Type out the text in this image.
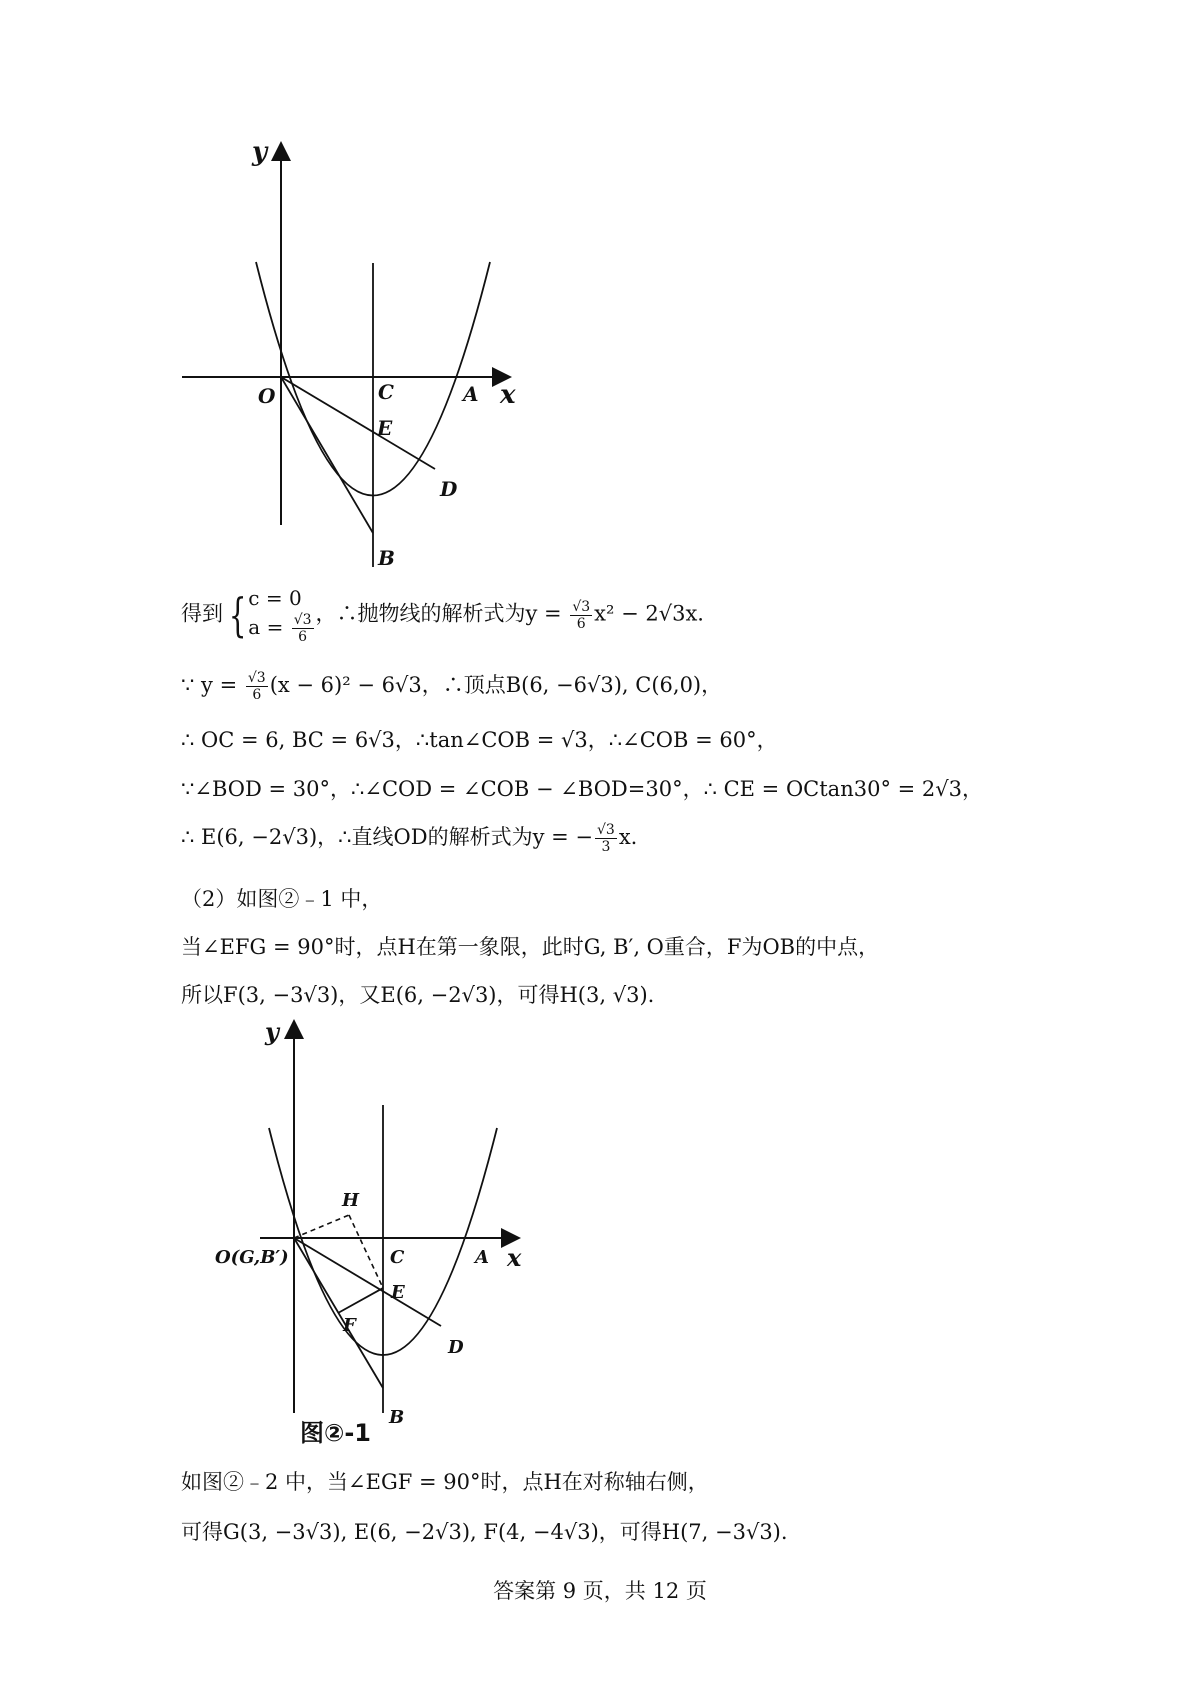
y
x
O	C	A
E
D
B
得到 { c = 0
$a = \frac{√3}{6}$ ，∴抛物线的解析式为$y = \frac{√3}{6} x^2 - 2√3x$.
∵ $y = \frac{√3}{6} (x - 6)^2 - 6√3$，∴顶点B(6, −6√3), C(6,0)，
∴ OC = 6, BC = 6√3，∴tan∠COB = √3，∴∠COB = 60°，
∵∠BOD = 30°，∴∠COD = ∠COB − ∠BOD=30°，∴ CE = OCtan30° = 2√3，
∴ E(6, −2√3)，∴直线OD的解析式为y = − $\frac{√3}{3} x$.
（2）如图②﹣1 中，
当∠EFG = 90°时，点H在第一象限，此时G, B′, O重合，F为OB的中点，
所以F(3, −3√3)，又E(6, −2√3)，可得H(3, √3).
y
x
O(G,B′)	C	A
H
E
F
D
B
图②-1
如图②﹣2 中，当∠EGF = 90°时，点H在对称轴右侧，
可得G(3, −3√3), E(6, −2√3), F(4, −4√3)，可得H(7, −3√3).
答案第 9 页，共 12 页
